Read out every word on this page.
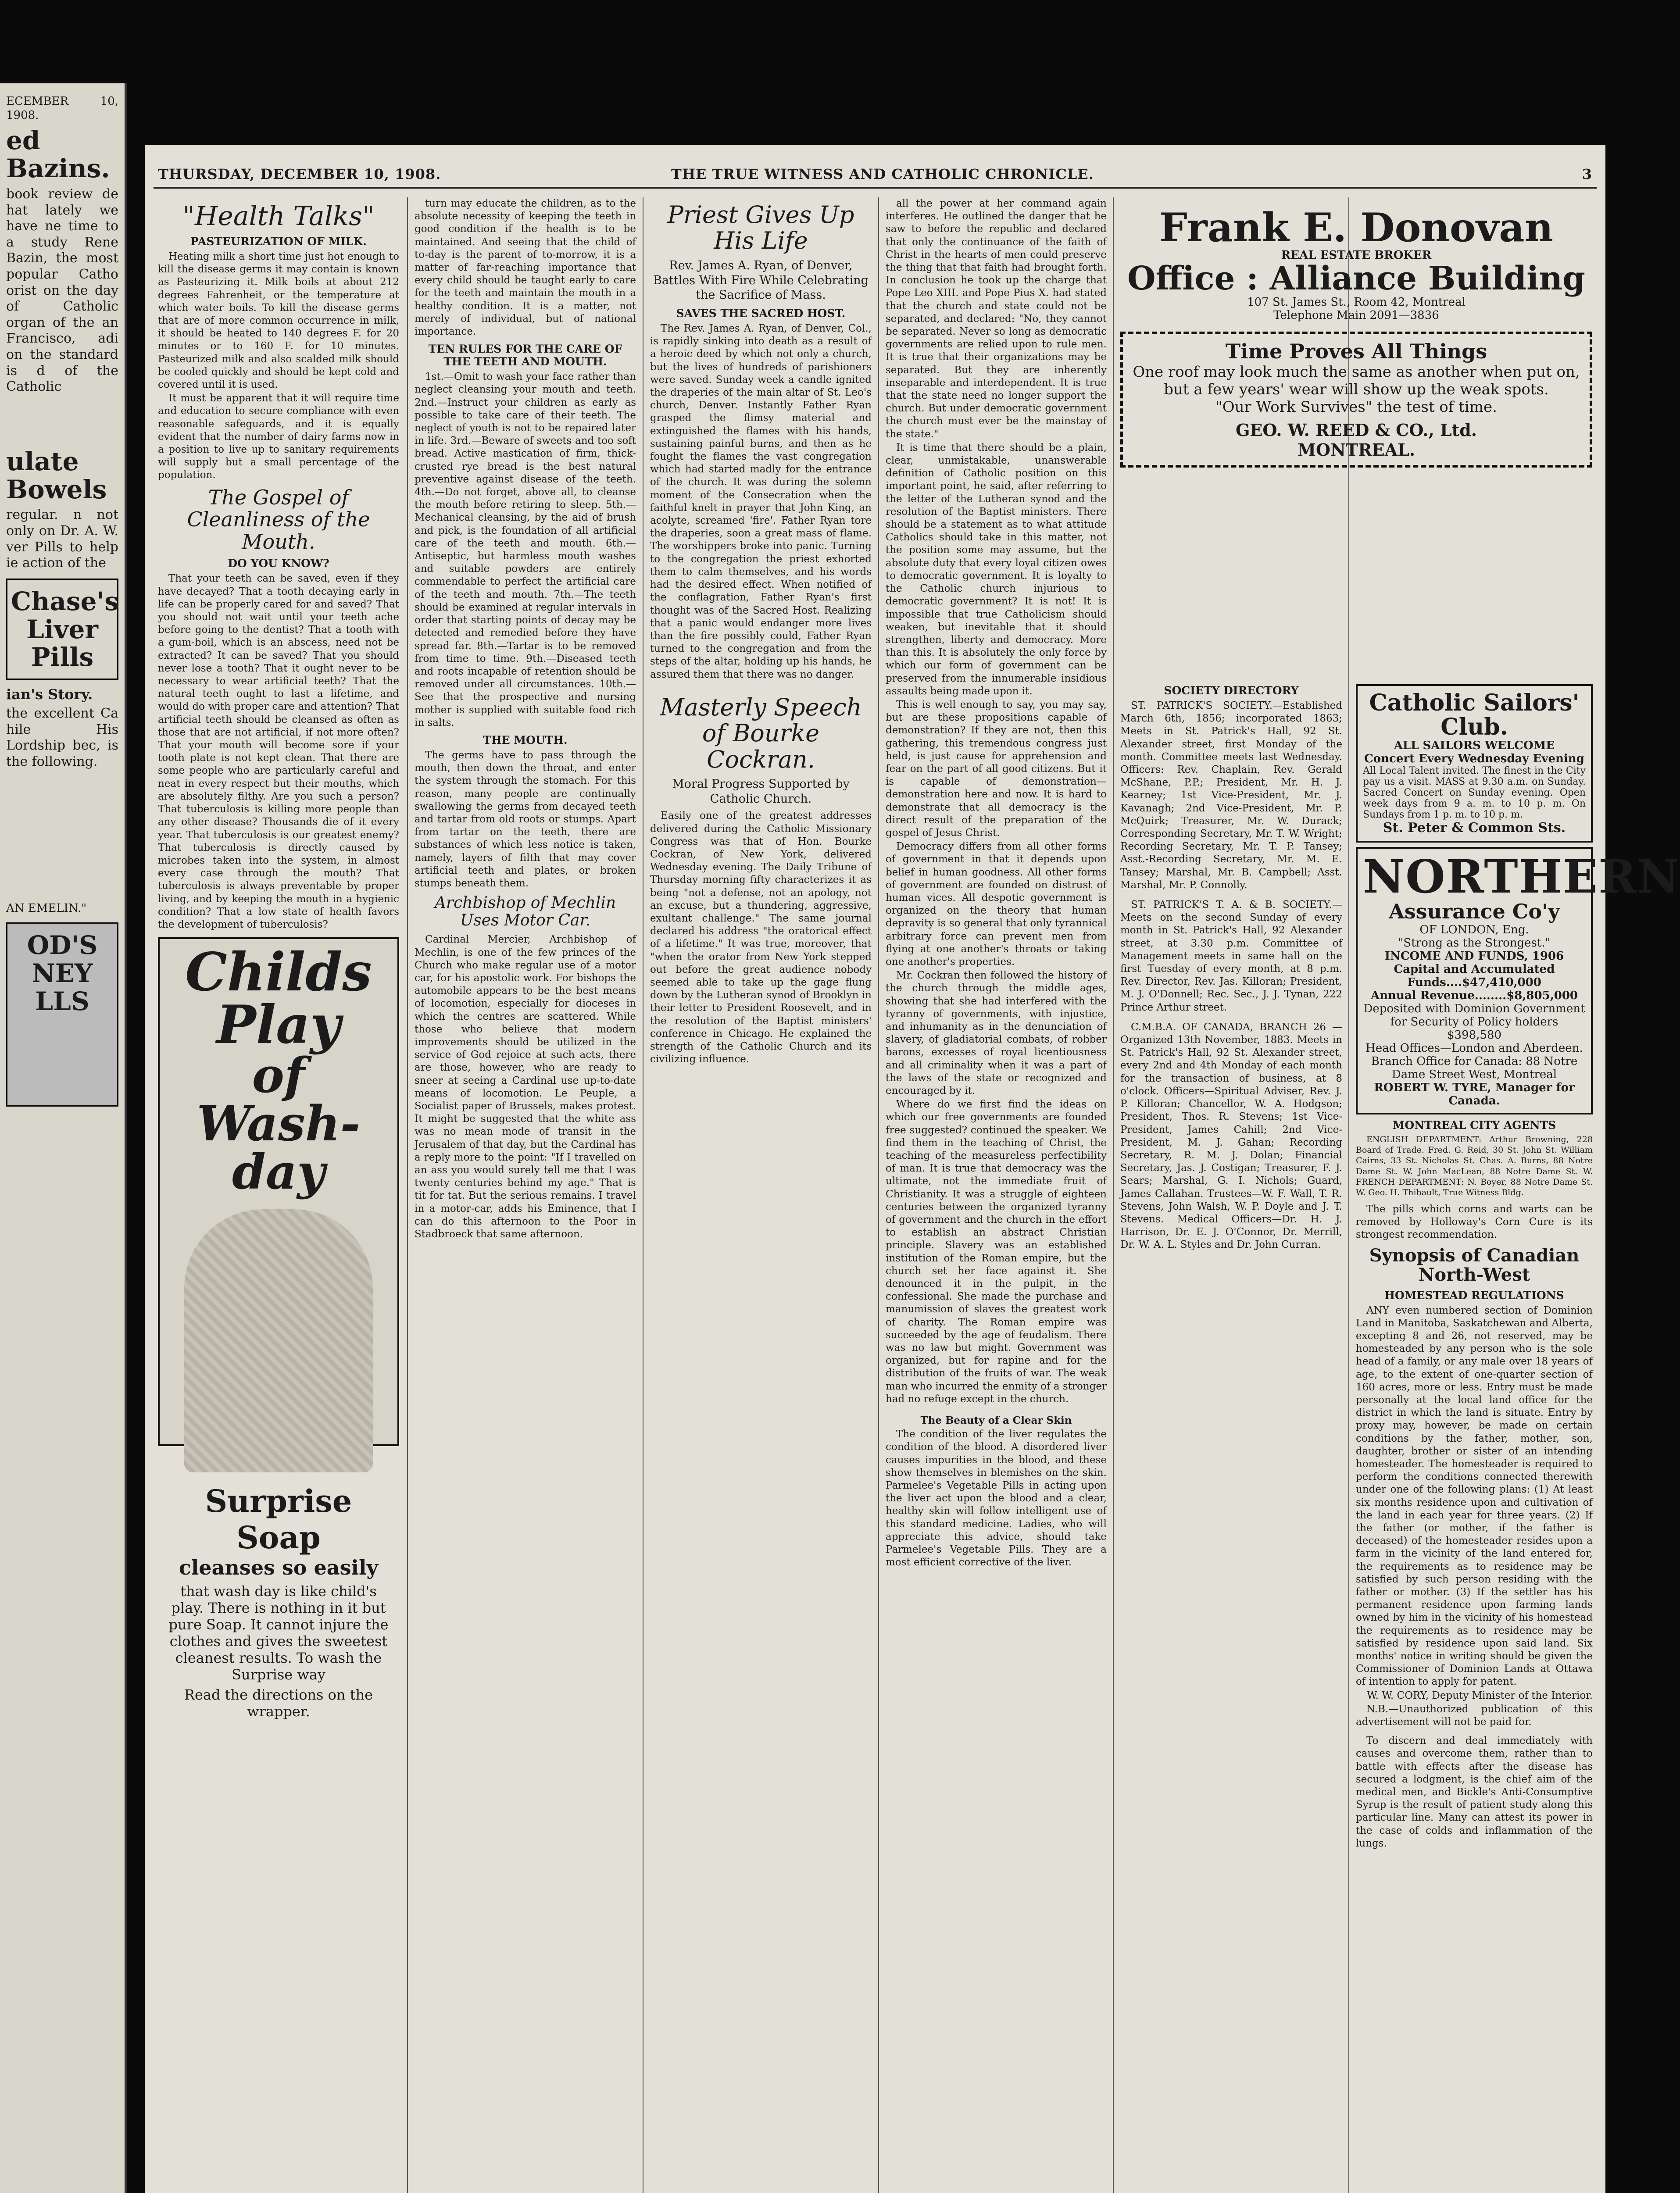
ECEMBER 10, 1908.

ed Bazins.

book review de hat lately we have ne time to a study Rene Bazin, the most popular Catho orist on the day of Catholic organ of the an Francisco, adi on the standard is d of the Catholic

ulate Bowels

regular. n not only on Dr. A. W. ver Pills to help ie action of the

Chase's Liver Pills
ian's Story.

the excellent Ca hile His Lordship bec, is the following.

AN EMELIN."

OD'S NEY LLS
THURSDAY, DECEMBER 10, 1908.	THE TRUE WITNESS AND CATHOLIC CHRONICLE.	3
"Health Talks"
PASTEURIZATION OF MILK.

Heating milk a short time just hot enough to kill the disease germs it may contain is known as Pasteurizing it. Milk boils at about 212 degrees Fahrenheit, or the temperature at which water boils. To kill the disease germs that are of more common occurrence in milk, it should be heated to 140 degrees F. for 20 minutes or to 160 F. for 10 minutes. Pasteurized milk and also scalded milk should be cooled quickly and should be kept cold and covered until it is used.

It must be apparent that it will require time and education to secure compliance with even reasonable safeguards, and it is equally evident that the number of dairy farms now in a position to live up to sanitary requirements will supply but a small percentage of the population.

The Gospel of Cleanliness of the Mouth.
DO YOU KNOW?

That your teeth can be saved, even if they have decayed? That a tooth decaying early in life can be properly cared for and saved? That you should not wait until your teeth ache before going to the dentist? That a tooth with a gum-boil, which is an abscess, need not be extracted? It can be saved? That you should never lose a tooth? That it ought never to be necessary to wear artificial teeth? That the natural teeth ought to last a lifetime, and would do with proper care and attention? That artificial teeth should be cleansed as often as those that are not artificial, if not more often? That your mouth will become sore if your tooth plate is not kept clean. That there are some people who are particularly careful and neat in every respect but their mouths, which are absolutely filthy. Are you such a person? That tuberculosis is killing more people than any other disease? Thousands die of it every year. That tuberculosis is our greatest enemy? That tuberculosis is directly caused by microbes taken into the system, in almost every case through the mouth? That tuberculosis is always preventable by proper living, and by keeping the mouth in a hygienic condition? That a low state of health favors the development of tuberculosis?

Childs Play
of Wash-day
Surprise Soap
cleanses so easily
that wash day is like child's play. There is nothing in it but pure Soap. It cannot injure the clothes and gives the sweetest cleanest results. To wash the Surprise way
Read the directions on the wrapper.

turn may educate the children, as to the absolute necessity of keeping the teeth in good condition if the health is to be maintained. And seeing that the child of to-day is the parent of to-morrow, it is a matter of far-reaching importance that every child should be taught early to care for the teeth and maintain the mouth in a healthy condition. It is a matter, not merely of individual, but of national importance.

TEN RULES FOR THE CARE OF THE TEETH AND MOUTH.

1st.—Omit to wash your face rather than neglect cleansing your mouth and teeth. 2nd.—Instruct your children as early as possible to take care of their teeth. The neglect of youth is not to be repaired later in life. 3rd.—Beware of sweets and too soft bread. Active mastication of firm, thick-crusted rye bread is the best natural preventive against disease of the teeth. 4th.—Do not forget, above all, to cleanse the mouth before retiring to sleep. 5th.—Mechanical cleansing, by the aid of brush and pick, is the foundation of all artificial care of the teeth and mouth. 6th.—Antiseptic, but harmless mouth washes and suitable powders are entirely commendable to perfect the artificial care of the teeth and mouth. 7th.—The teeth should be examined at regular intervals in order that starting points of decay may be detected and remedied before they have spread far. 8th.—Tartar is to be removed from time to time. 9th.—Diseased teeth and roots incapable of retention should be removed under all circumstances. 10th.—See that the prospective and nursing mother is supplied with suitable food rich in salts.

THE MOUTH.

The germs have to pass through the mouth, then down the throat, and enter the system through the stomach. For this reason, many people are continually swallowing the germs from decayed teeth and tartar from old roots or stumps. Apart from tartar on the teeth, there are substances of which less notice is taken, namely, layers of filth that may cover artificial teeth and plates, or broken stumps beneath them.

Archbishop of Mechlin Uses Motor Car.

Cardinal Mercier, Archbishop of Mechlin, is one of the few princes of the Church who make regular use of a motor car, for his apostolic work. For bishops the automobile appears to be the best means of locomotion, especially for dioceses in which the centres are scattered. While those who believe that modern improvements should be utilized in the service of God rejoice at such acts, there are those, however, who are ready to sneer at seeing a Cardinal use up-to-date means of locomotion. Le Peuple, a Socialist paper of Brussels, makes protest. It might be suggested that the white ass was no mean mode of transit in the Jerusalem of that day, but the Cardinal has a reply more to the point: "If I travelled on an ass you would surely tell me that I was twenty centuries behind my age." That is tit for tat. But the serious remains. I travel in a motor-car, adds his Eminence, that I can do this afternoon to the Poor in Stadbroeck that same afternoon.

Priest Gives Up His Life
Rev. James A. Ryan, of Denver, Battles With Fire While Celebrating the Sacrifice of Mass.
SAVES THE SACRED HOST.

The Rev. James A. Ryan, of Denver, Col., is rapidly sinking into death as a result of a heroic deed by which not only a church, but the lives of hundreds of parishioners were saved. Sunday week a candle ignited the draperies of the main altar of St. Leo's church, Denver. Instantly Father Ryan grasped the flimsy material and extinguished the flames with his hands, sustaining painful burns, and then as he fought the flames the vast congregation which had started madly for the entrance of the church. It was during the solemn moment of the Consecration when the faithful knelt in prayer that John King, an acolyte, screamed 'fire'. Father Ryan tore the draperies, soon a great mass of flame. The worshippers broke into panic. Turning to the congregation the priest exhorted them to calm themselves, and his words had the desired effect. When notified of the conflagration, Father Ryan's first thought was of the Sacred Host. Realizing that a panic would endanger more lives than the fire possibly could, Father Ryan turned to the congregation and from the steps of the altar, holding up his hands, he assured them that there was no danger.

Masterly Speech of Bourke Cockran.
Moral Progress Supported by Catholic Church.

Easily one of the greatest addresses delivered during the Catholic Missionary Congress was that of Hon. Bourke Cockran, of New York, delivered Wednesday evening. The Daily Tribune of Thursday morning fifty characterizes it as being "not a defense, not an apology, not an excuse, but a thundering, aggressive, exultant challenge." The same journal declared his address "the oratorical effect of a lifetime." It was true, moreover, that "when the orator from New York stepped out before the great audience nobody seemed able to take up the gage flung down by the Lutheran synod of Brooklyn in their letter to President Roosevelt, and in the resolution of the Baptist ministers' conference in Chicago. He explained the strength of the Catholic Church and its civilizing influence.

all the power at her command again interferes. He outlined the danger that he saw to before the republic and declared that only the continuance of the faith of Christ in the hearts of men could preserve the thing that that faith had brought forth. In conclusion he took up the charge that Pope Leo XIII. and Pope Pius X. had stated that the church and state could not be separated, and declared: "No, they cannot be separated. Never so long as democratic governments are relied upon to rule men. It is true that their organizations may be separated. But they are inherently inseparable and interdependent. It is true that the state need no longer support the church. But under democratic government the church must ever be the mainstay of the state."

It is time that there should be a plain, clear, unmistakable, unanswerable definition of Catholic position on this important point, he said, after referring to the letter of the Lutheran synod and the resolution of the Baptist ministers. There should be a statement as to what attitude Catholics should take in this matter, not the position some may assume, but the absolute duty that every loyal citizen owes to democratic government. It is loyalty to the Catholic church injurious to democratic government? It is not! It is impossible that true Catholicism should weaken, but inevitable that it should strengthen, liberty and democracy. More than this. It is absolutely the only force by which our form of government can be preserved from the innumerable insidious assaults being made upon it.

This is well enough to say, you may say, but are these propositions capable of demonstration? If they are not, then this gathering, this tremendous congress just held, is just cause for apprehension and fear on the part of all good citizens. But it is capable of demonstration—demonstration here and now. It is hard to demonstrate that all democracy is the direct result of the preparation of the gospel of Jesus Christ.

Democracy differs from all other forms of government in that it depends upon belief in human goodness. All other forms of government are founded on distrust of human vices. All despotic government is organized on the theory that human depravity is so general that only tyrannical arbitrary force can prevent men from flying at one another's throats or taking one another's properties.

Mr. Cockran then followed the history of the church through the middle ages, showing that she had interfered with the tyranny of governments, with injustice, and inhumanity as in the denunciation of slavery, of gladiatorial combats, of robber barons, excesses of royal licentiousness and all criminality when it was a part of the laws of the state or recognized and encouraged by it.

Where do we first find the ideas on which our free governments are founded free suggested? continued the speaker. We find them in the teaching of Christ, the teaching of the measureless perfectibility of man. It is true that democracy was the ultimate, not the immediate fruit of Christianity. It was a struggle of eighteen centuries between the organized tyranny of government and the church in the effort to establish an abstract Christian principle. Slavery was an established institution of the Roman empire, but the church set her face against it. She denounced it in the pulpit, in the confessional. She made the purchase and manumission of slaves the greatest work of charity. The Roman empire was succeeded by the age of feudalism. There was no law but might. Government was organized, but for rapine and for the distribution of the fruits of war. The weak man who incurred the enmity of a stronger had no refuge except in the church.

The Beauty of a Clear Skin

The condition of the liver regulates the condition of the blood. A disordered liver causes impurities in the blood, and these show themselves in blemishes on the skin. Parmelee's Vegetable Pills in acting upon the liver act upon the blood and a clear, healthy skin will follow intelligent use of this standard medicine. Ladies, who will appreciate this advice, should take Parmelee's Vegetable Pills. They are a most efficient corrective of the liver.

Frank E. Donovan
REAL ESTATE BROKER
Office : Alliance Building
107 St. James St., Room 42, Montreal
Telephone Main 2091—3836
Time Proves All Things
One roof may look much the same as another when put on, but a few years' wear will show up the weak spots.
"Our Work Survives" the test of time.
GEO. W. REED & CO., Ltd.
MONTREAL.
SOCIETY DIRECTORY

ST. PATRICK'S SOCIETY.—Established March 6th, 1856; incorporated 1863; Meets in St. Patrick's Hall, 92 St. Alexander street, first Monday of the month. Committee meets last Wednesday. Officers: Rev. Chaplain, Rev. Gerald McShane, P.P.; President, Mr. H. J. Kearney; 1st Vice-President, Mr. J. Kavanagh; 2nd Vice-President, Mr. P. McQuirk; Treasurer, Mr. W. Durack; Corresponding Secretary, Mr. T. W. Wright; Recording Secretary, Mr. T. P. Tansey; Asst.-Recording Secretary, Mr. M. E. Tansey; Marshal, Mr. B. Campbell; Asst. Marshal, Mr. P. Connolly.

ST. PATRICK'S T. A. & B. SOCIETY.—Meets on the second Sunday of every month in St. Patrick's Hall, 92 Alexander street, at 3.30 p.m. Committee of Management meets in same hall on the first Tuesday of every month, at 8 p.m. Rev. Director, Rev. Jas. Killoran; President, M. J. O'Donnell; Rec. Sec., J. J. Tynan, 222 Prince Arthur street.

C.M.B.A. OF CANADA, BRANCH 26 —Organized 13th November, 1883. Meets in St. Patrick's Hall, 92 St. Alexander street, every 2nd and 4th Monday of each month for the transaction of business, at 8 o'clock. Officers—Spiritual Adviser, Rev. J. P. Killoran; Chancellor, W. A. Hodgson; President, Thos. R. Stevens; 1st Vice-President, James Cahill; 2nd Vice-President, M. J. Gahan; Recording Secretary, R. M. J. Dolan; Financial Secretary, Jas. J. Costigan; Treasurer, F. J. Sears; Marshal, G. I. Nichols; Guard, James Callahan. Trustees—W. F. Wall, T. R. Stevens, John Walsh, W. P. Doyle and J. T. Stevens. Medical Officers—Dr. H. J. Harrison, Dr. E. J. O'Connor, Dr. Merrill, Dr. W. A. L. Styles and Dr. John Curran.

Catholic Sailors' Club.
ALL SAILORS WELCOME
Concert Every Wednesday Evening
All Local Talent invited. The finest in the City pay us a visit. MASS at 9.30 a.m. on Sunday. Sacred Concert on Sunday evening. Open week days from 9 a. m. to 10 p. m. On Sundays from 1 p. m. to 10 p. m.
St. Peter & Common Sts.
NORTHERN
Assurance Co'y
OF LONDON, Eng.
"Strong as the Strongest."
INCOME AND FUNDS, 1906
Capital and Accumulated Funds....$47,410,000
Annual Revenue........$8,805,000
Deposited with Dominion Government for Security of Policy holders $398,580
Head Offices—London and Aberdeen. Branch Office for Canada: 88 Notre Dame Street West, Montreal
ROBERT W. TYRE, Manager for Canada.
MONTREAL CITY AGENTS

ENGLISH DEPARTMENT: Arthur Browning, 228 Board of Trade. Fred. G. Reid, 30 St. John St. William Cairns, 33 St. Nicholas St. Chas. A. Burns, 88 Notre Dame St. W. John MacLean, 88 Notre Dame St. W. FRENCH DEPARTMENT: N. Boyer, 88 Notre Dame St. W. Geo. H. Thibault, True Witness Bldg.

The pills which corns and warts can be removed by Holloway's Corn Cure is its strongest recommendation.

Synopsis of Canadian North-West
HOMESTEAD REGULATIONS

ANY even numbered section of Dominion Land in Manitoba, Saskatchewan and Alberta, excepting 8 and 26, not reserved, may be homesteaded by any person who is the sole head of a family, or any male over 18 years of age, to the extent of one-quarter section of 160 acres, more or less. Entry must be made personally at the local land office for the district in which the land is situate. Entry by proxy may, however, be made on certain conditions by the father, mother, son, daughter, brother or sister of an intending homesteader. The homesteader is required to perform the conditions connected therewith under one of the following plans: (1) At least six months residence upon and cultivation of the land in each year for three years. (2) If the father (or mother, if the father is deceased) of the homesteader resides upon a farm in the vicinity of the land entered for, the requirements as to residence may be satisfied by such person residing with the father or mother. (3) If the settler has his permanent residence upon farming lands owned by him in the vicinity of his homestead the requirements as to residence may be satisfied by residence upon said land. Six months' notice in writing should be given the Commissioner of Dominion Lands at Ottawa of intention to apply for patent.

W. W. CORY, Deputy Minister of the Interior.

N.B.—Unauthorized publication of this advertisement will not be paid for.

To discern and deal immediately with causes and overcome them, rather than to battle with effects after the disease has secured a lodgment, is the chief aim of the medical men, and Bickle's Anti-Consumptive Syrup is the result of patient study along this particular line. Many can attest its power in the case of colds and inflammation of the lungs.
